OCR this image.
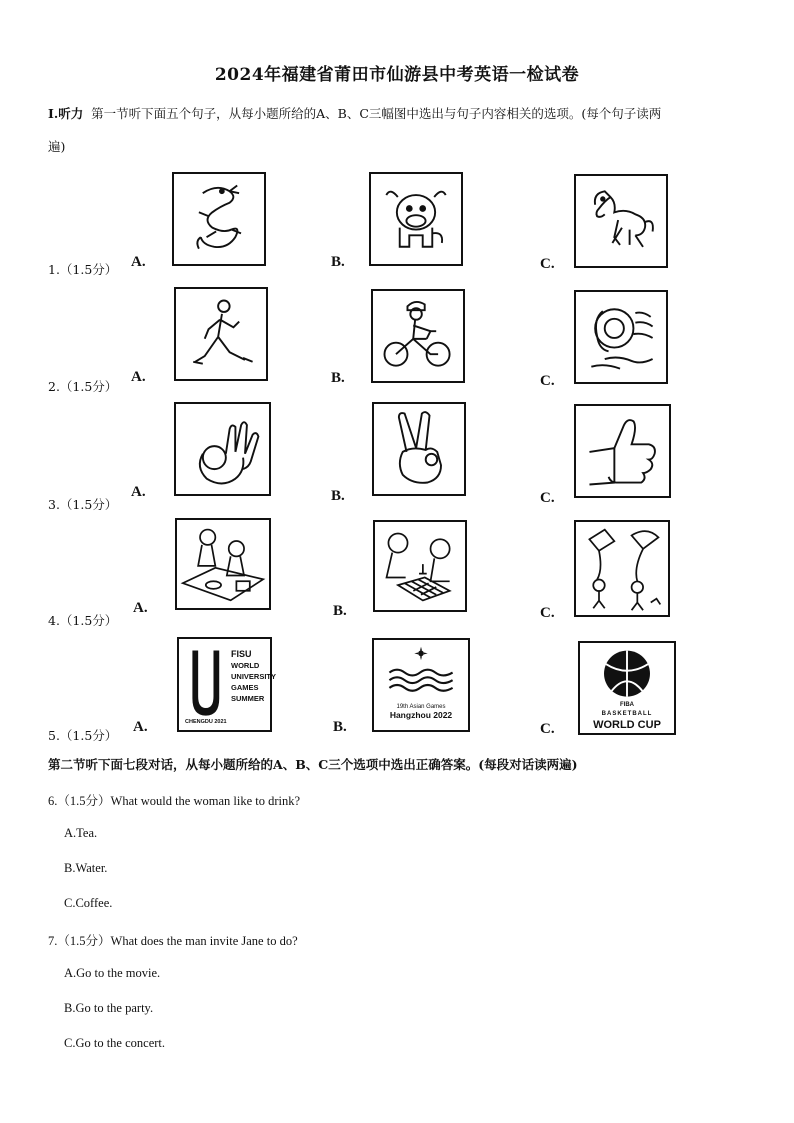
2024年福建省莆田市仙游县中考英语一检试卷
I.听力 第一节听下面五个句子，从每小题所给的A、B、C三幅图中选出与句子内容相关的选项。(每个句子读两
遍)
1.（1.5分） A.	B.	C.
2.（1.5分）
A.	B.	C.
3.（1.5分）
A.	B.	C.
4.（1.5分）
A.	B.	C.
5.（1.5分）
A.	B.	C.
FISU
WORLD
UNIVERSITY
GAMES
SUMMER
CHENGDU 2021
19th Asian Games
Hangzhou 2022
FIBA
BASKETBALL
WORLD CUP
第二节听下面七段对话，从每小题所给的A、B、C三个选项中选出正确答案。(每段对话读两遍)
6.（1.5分）What would the woman like to drink?
A.Tea.
B.Water.
C.Coffee.
7.（1.5分）What does the man invite Jane to do?
A.Go to the movie.
B.Go to the party.
C.Go to the concert.
